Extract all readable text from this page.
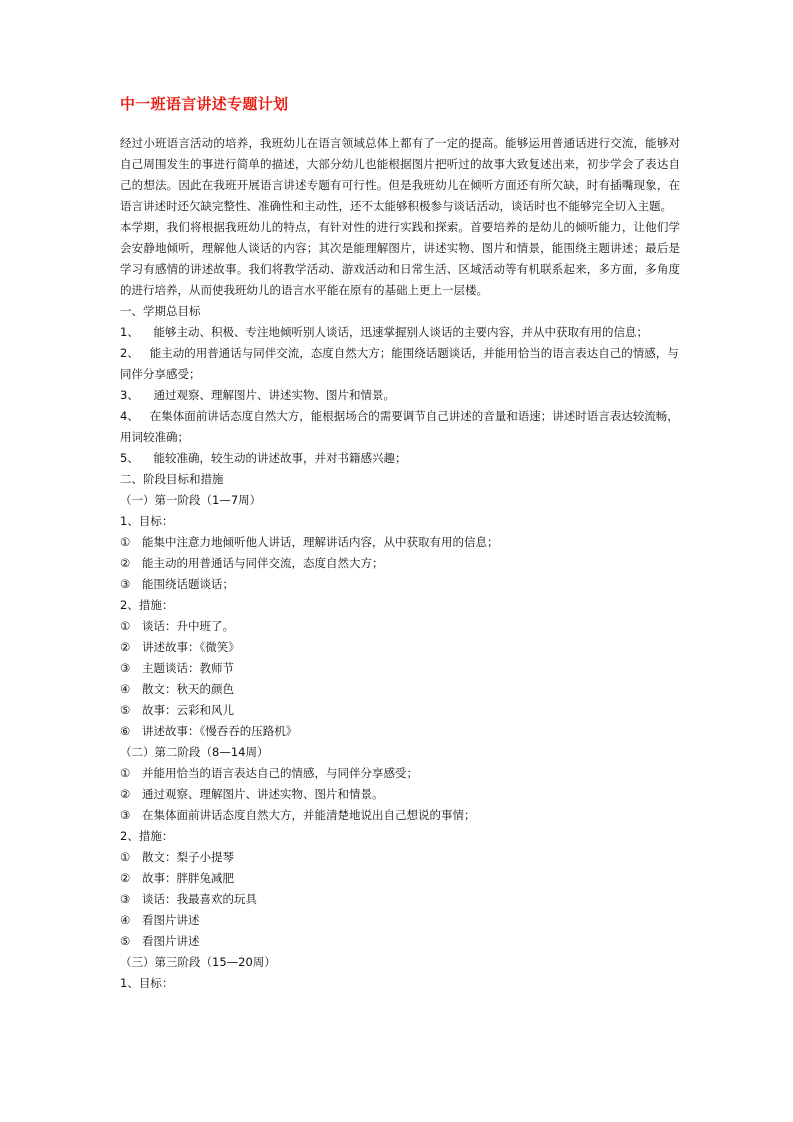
中一班语言讲述专题计划

经过小班语言活动的培养，我班幼儿在语言领域总体上都有了一定的提高。能够运用普通话进行交流，能够对自己周围发生的事进行简单的描述，大部分幼儿也能根据图片把听过的故事大致复述出来，初步学会了表达自己的想法。因此在我班开展语言讲述专题有可行性。但是我班幼儿在倾听方面还有所欠缺，时有插嘴现象，在语言讲述时还欠缺完整性、准确性和主动性，还不太能够积极参与谈话活动，谈话时也不能够完全切入主题。

本学期，我们将根据我班幼儿的特点，有针对性的进行实践和探索。首要培养的是幼儿的倾听能力，让他们学会安静地倾听，理解他人谈话的内容；其次是能理解图片，讲述实物、图片和情景，能围绕主题讲述；最后是学习有感情的讲述故事。我们将教学活动、游戏活动和日常生活、区域活动等有机联系起来，多方面，多角度的进行培养，从而使我班幼儿的语言水平能在原有的基础上更上一层楼。

一、学期总目标

1、 能够主动、积极、专注地倾听别人谈话，迅速掌握别人谈话的主要内容，并从中获取有用的信息；

2、 能主动的用普通话与同伴交流，态度自然大方；能围绕话题谈话，并能用恰当的语言表达自己的情感，与同伴分享感受；

3、 通过观察、理解图片、讲述实物、图片和情景。

4、 在集体面前讲话态度自然大方，能根据场合的需要调节自己讲述的音量和语速；讲述时语言表达较流畅，用词较准确；

5、 能较准确，较生动的讲述故事，并对书籍感兴趣；

二、阶段目标和措施

（一）第一阶段（1—7周）

1、目标：

① 能集中注意力地倾听他人讲话，理解讲话内容，从中获取有用的信息；

② 能主动的用普通话与同伴交流，态度自然大方；

③ 能围绕话题谈话；

2、措施：

① 谈话：升中班了。

② 讲述故事：《微笑》

③ 主题谈话：教师节

④ 散文：秋天的颜色

⑤ 故事：云彩和风儿

⑥ 讲述故事：《慢吞吞的压路机》

（二）第二阶段（8—14周）

① 并能用恰当的语言表达自己的情感，与同伴分享感受；

② 通过观察、理解图片、讲述实物、图片和情景。

③ 在集体面前讲话态度自然大方，并能清楚地说出自己想说的事情；

2、措施：

① 散文：梨子小提琴

② 故事：胖胖兔减肥

③ 谈话：我最喜欢的玩具

④ 看图片讲述

⑤ 看图片讲述

（三）第三阶段（15—20周）

1、目标：
